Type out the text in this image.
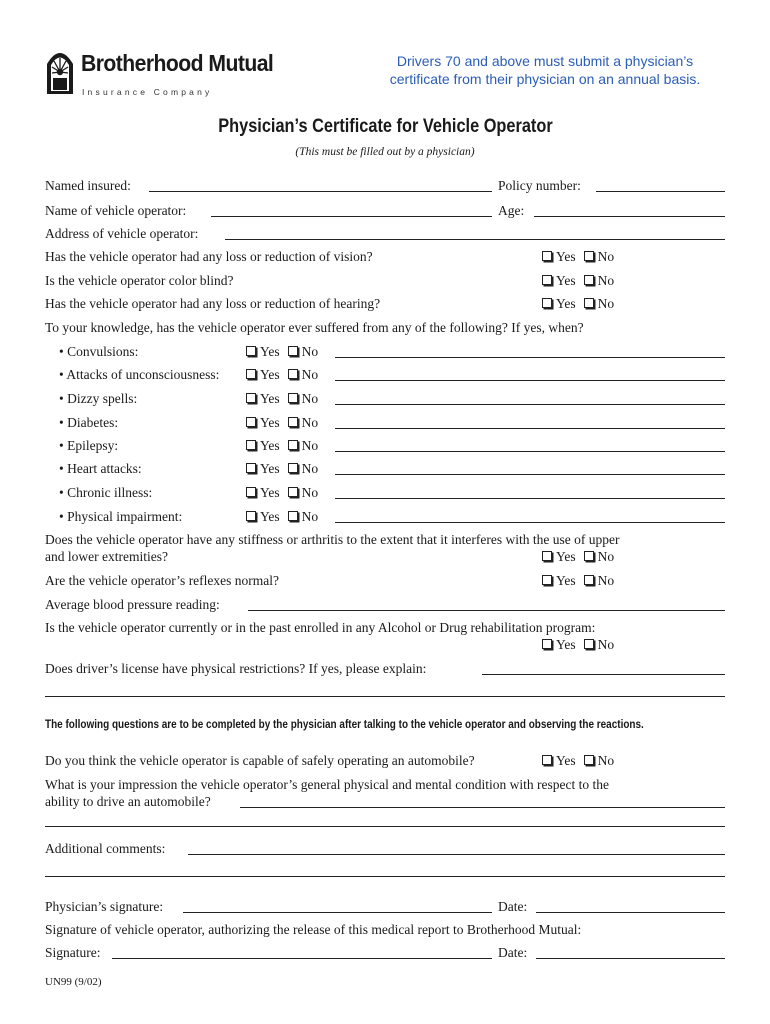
Brotherhood Mutual
Insurance Company
Drivers 70 and above must submit a physician’s
certificate from their physician on an annual basis.
Physician’s Certificate for Vehicle Operator
(This must be filled out by a physician)
Named insured:	Policy number:
Name of vehicle operator:	Age:
Address of vehicle operator:
Has the vehicle operator had any loss or reduction of vision?	Yes No
Is the vehicle operator color blind?	Yes No
Has the vehicle operator had any loss or reduction of hearing?	Yes No
To your knowledge, has the vehicle operator ever suffered from any of the following? If yes, when?
• Convulsions:	Yes No
• Attacks of unconsciousness:	Yes No
• Dizzy spells:	Yes No
• Diabetes:	Yes No
• Epilepsy:	Yes No
• Heart attacks:	Yes No
• Chronic illness:	Yes No
• Physical impairment:	Yes No
Does the vehicle operator have any stiffness or arthritis to the extent that it interferes with the use of upper
and lower extremities?	Yes No
Are the vehicle operator’s reflexes normal?	Yes No
Average blood pressure reading:
Is the vehicle operator currently or in the past enrolled in any Alcohol or Drug rehabilitation program:
Yes No
Does driver’s license have physical restrictions? If yes, please explain:
The following questions are to be completed by the physician after talking to the vehicle operator and observing the reactions.
Do you think the vehicle operator is capable of safely operating an automobile?	Yes No
What is your impression the vehicle operator’s general physical and mental condition with respect to the
ability to drive an automobile?
Additional comments:
Physician’s signature:	Date:
Signature of vehicle operator, authorizing the release of this medical report to Brotherhood Mutual:
Signature:	Date:
UN99 (9/02)
